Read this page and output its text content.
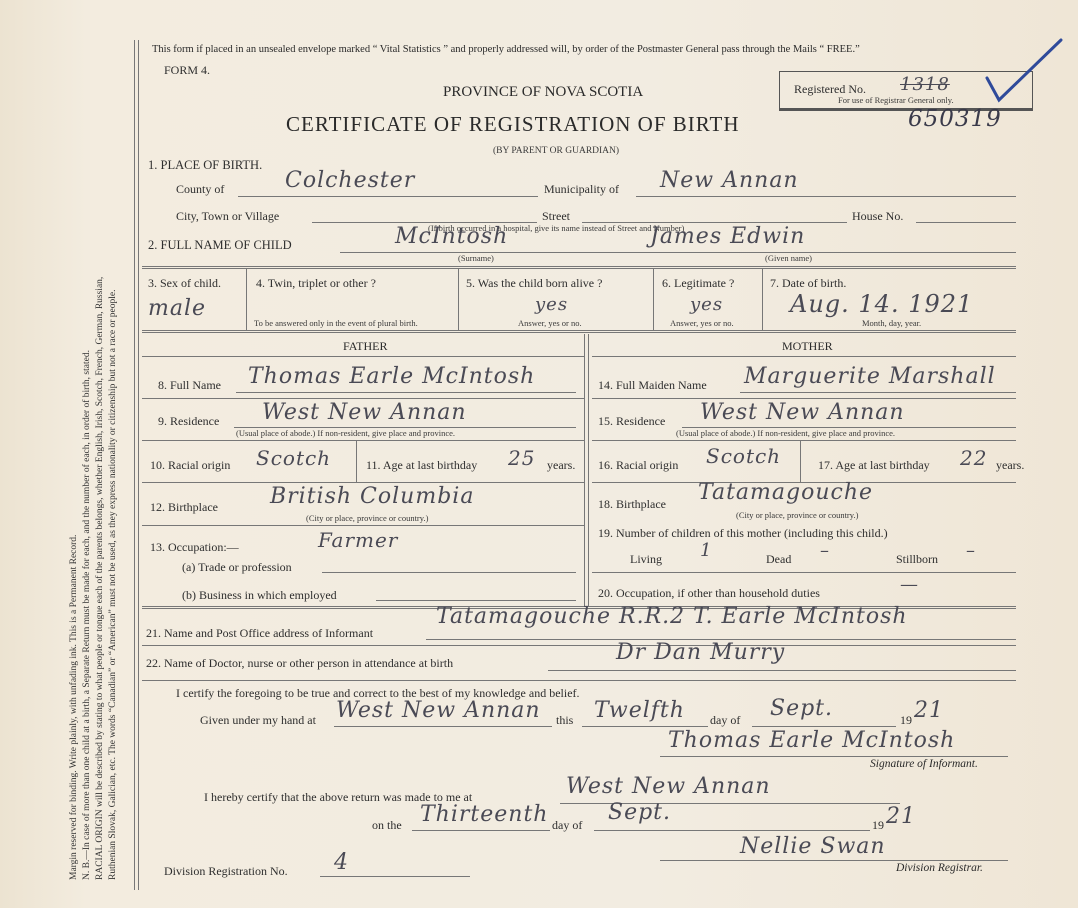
Margin reserved for binding. Write plainly, with unfading ink. This is a Permanent Record. N. B.—In case of more than one child at a birth, a Separate Return must be made for each, and the number of each, in order of birth, stated. RACIAL ORIGIN will be described by stating to what people or tongue each of the parents belongs, whether English, Irish, Scotch, French, German, Russian, Ruthenian Slovak, Galician, etc. The words “Canadian” or “American” must not be used, as they express nationality or citizenship but not a race or people.
This form if placed in an unsealed envelope marked “ Vital Statistics ” and properly addressed will, by order of the Postmaster General pass through the Mails “ FREE.”
FORM 4.
PROVINCE OF NOVA SCOTIA
CERTIFICATE OF REGISTRATION OF BIRTH
(BY PARENT OR GUARDIAN)
Registered No. 1318
For use of Registrar General only.
650319
1. PLACE OF BIRTH.
County of	Colchester	Municipality of New Annan
City, Town or Village	Street	House No.
(If birth occurred in a hospital, give its name instead of Street and Number)
2. FULL NAME OF CHILD	McIntosh
(Surname)
James Edwin
(Given name)
3. Sex of child.
male
4. Twin, triplet or other ?
To be answered only in the event of plural birth.
5. Was the child born alive ?
yes
Answer, yes or no.
6. Legitimate ?
yes
Answer, yes or no.
7. Date of birth.
Aug. 14. 1921
Month, day, year.
FATHER	MOTHER
8. Full Name Thomas Earle McIntosh
9. Residence West New Annan
(Usual place of abode.) If non-resident, give place and province.
10. Racial origin Scotch	11. Age at last birthday 25 years.
12. Birthplace British Columbia
(City or place, province or country.)
13. Occupation:—	Farmer
(a) Trade or profession
(b) Business in which employed
14. Full Maiden Name Marguerite Marshall
15. Residence West New Annan
(Usual place of abode.) If non-resident, give place and province.
16. Racial origin Scotch	17. Age at last birthday 22 years.
18. Birthplace Tatamagouche
(City or place, province or country.)
19. Number of children of this mother (including this child.)
Living 1	Dead –	Stillborn –
20. Occupation, if other than household duties	—
21. Name and Post Office address of Informant
Tatamagouche R.R.2 T. Earle McIntosh
22. Name of Doctor, nurse or other person in attendance at birth	Dr Dan Murry
I certify the foregoing to be true and correct to the best of my knowledge and belief.
Given under my hand at West New Annan this Twelfth day of Sept.	19 21
Thomas Earle McIntosh
Signature of Informant.
I hereby certify that the above return was made to me at	West New Annan
on the Thirteenth day of Sept.	19 21
Division Registration No. 4
Nellie Swan
Division Registrar.
